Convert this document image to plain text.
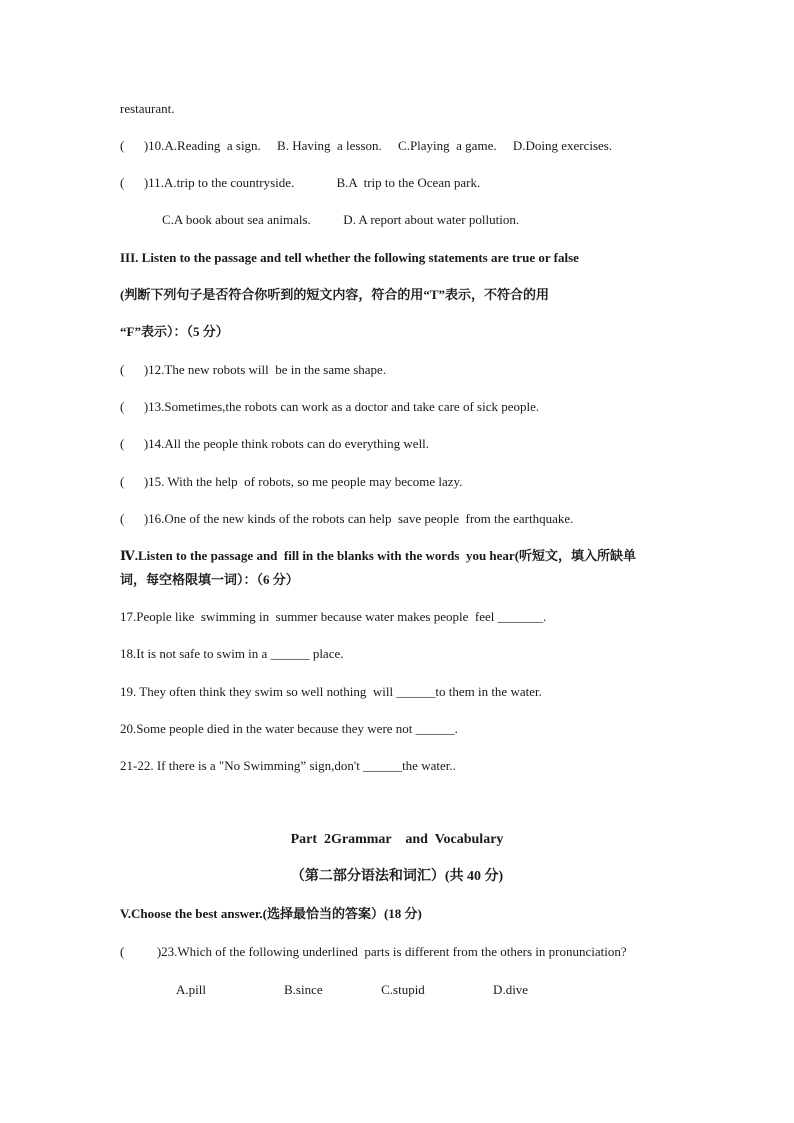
restaurant.
(      )10.A.Reading  a sign.     B. Having  a lesson.     C.Playing  a game.     D.Doing exercises.
(      )11.A.trip to the countryside.             B.A  trip to the Ocean park.
C.A book about sea animals.          D. A report about water pollution.
III. Listen to the passage and tell whether the following statements are true or false
(判断下列句子是否符合你听到的短文内容，符合的用“T”表示，不符合的用
“F”表示）：（5 分）
(      )12.The new robots will  be in the same shape.
(      )13.Sometimes,the robots can work as a doctor and take care of sick people.
(      )14.All the people think robots can do everything well.
(      )15. With the help  of robots, so me people may become lazy.
(      )16.One of the new kinds of the robots can help  save people  from the earthquake.
Ⅳ.Listen to the passage and  fill in the blanks with the words  you hear(听短文，填入所缺单
词，每空格限填一词）：（6 分）
17.People like  swimming in  summer because water makes people  feel _______.
18.It is not safe to swim in a ______ place.
19. They often think they swim so well nothing  will ______to them in the water.
20.Some people died in the water because they were not ______.
21-22. If there is a "No Swimming” sign,don't ______the water..
Part  2Grammar    and  Vocabulary
（第二部分语法和词汇）(共 40 分)
V.Choose the best answer.(选择最恰当的答案）(18 分)
(          )23.Which of the following underlined  parts is different from the others in pronunciation?
A.pill                        B.since                  C.stupid                     D.dive
